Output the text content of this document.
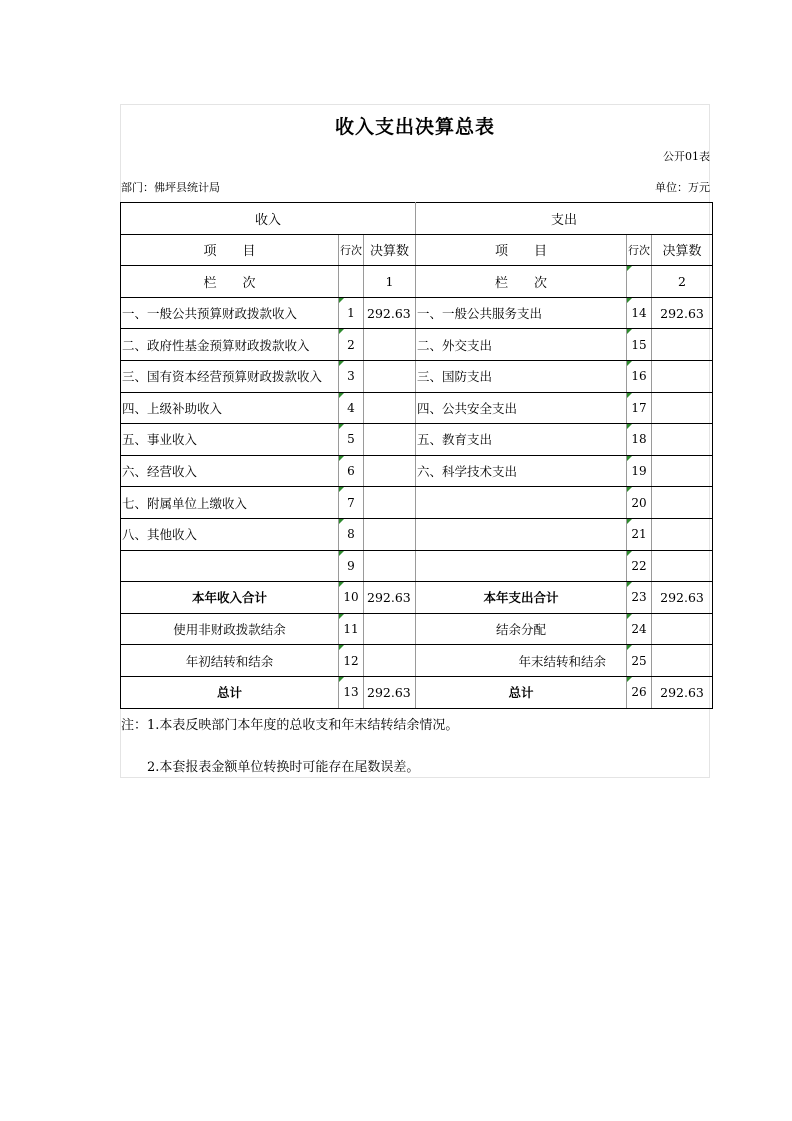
收入支出决算总表
公开01表
部门：佛坪县统计局	单位：万元
收入			支出		
项　　目	行次	决算数	项　　目	行次	决算数
栏　　次		1	栏　　次		2
一、一般公共预算财政拨款收入	1	292.63	一、一般公共服务支出	14	292.63
二、政府性基金预算财政拨款收入	2		二、外交支出	15	
三、国有资本经营预算财政拨款收入	3		三、国防支出	16	
四、上级补助收入	4		四、公共安全支出	17	
五、事业收入	5		五、教育支出	18	
六、经营收入	6		六、科学技术支出	19	
七、附属单位上缴收入	7			20	
八、其他收入	8			21	
	9			22	
本年收入合计	10	292.63	本年支出合计	23	292.63
使用非财政拨款结余	11		结余分配	24	
年初结转和结余	12		年末结转和结余	25	
总计	13	292.63	总计	26	292.63
注：1.本表反映部门本年度的总收支和年末结转结余情况。
　　2.本套报表金额单位转换时可能存在尾数误差。
